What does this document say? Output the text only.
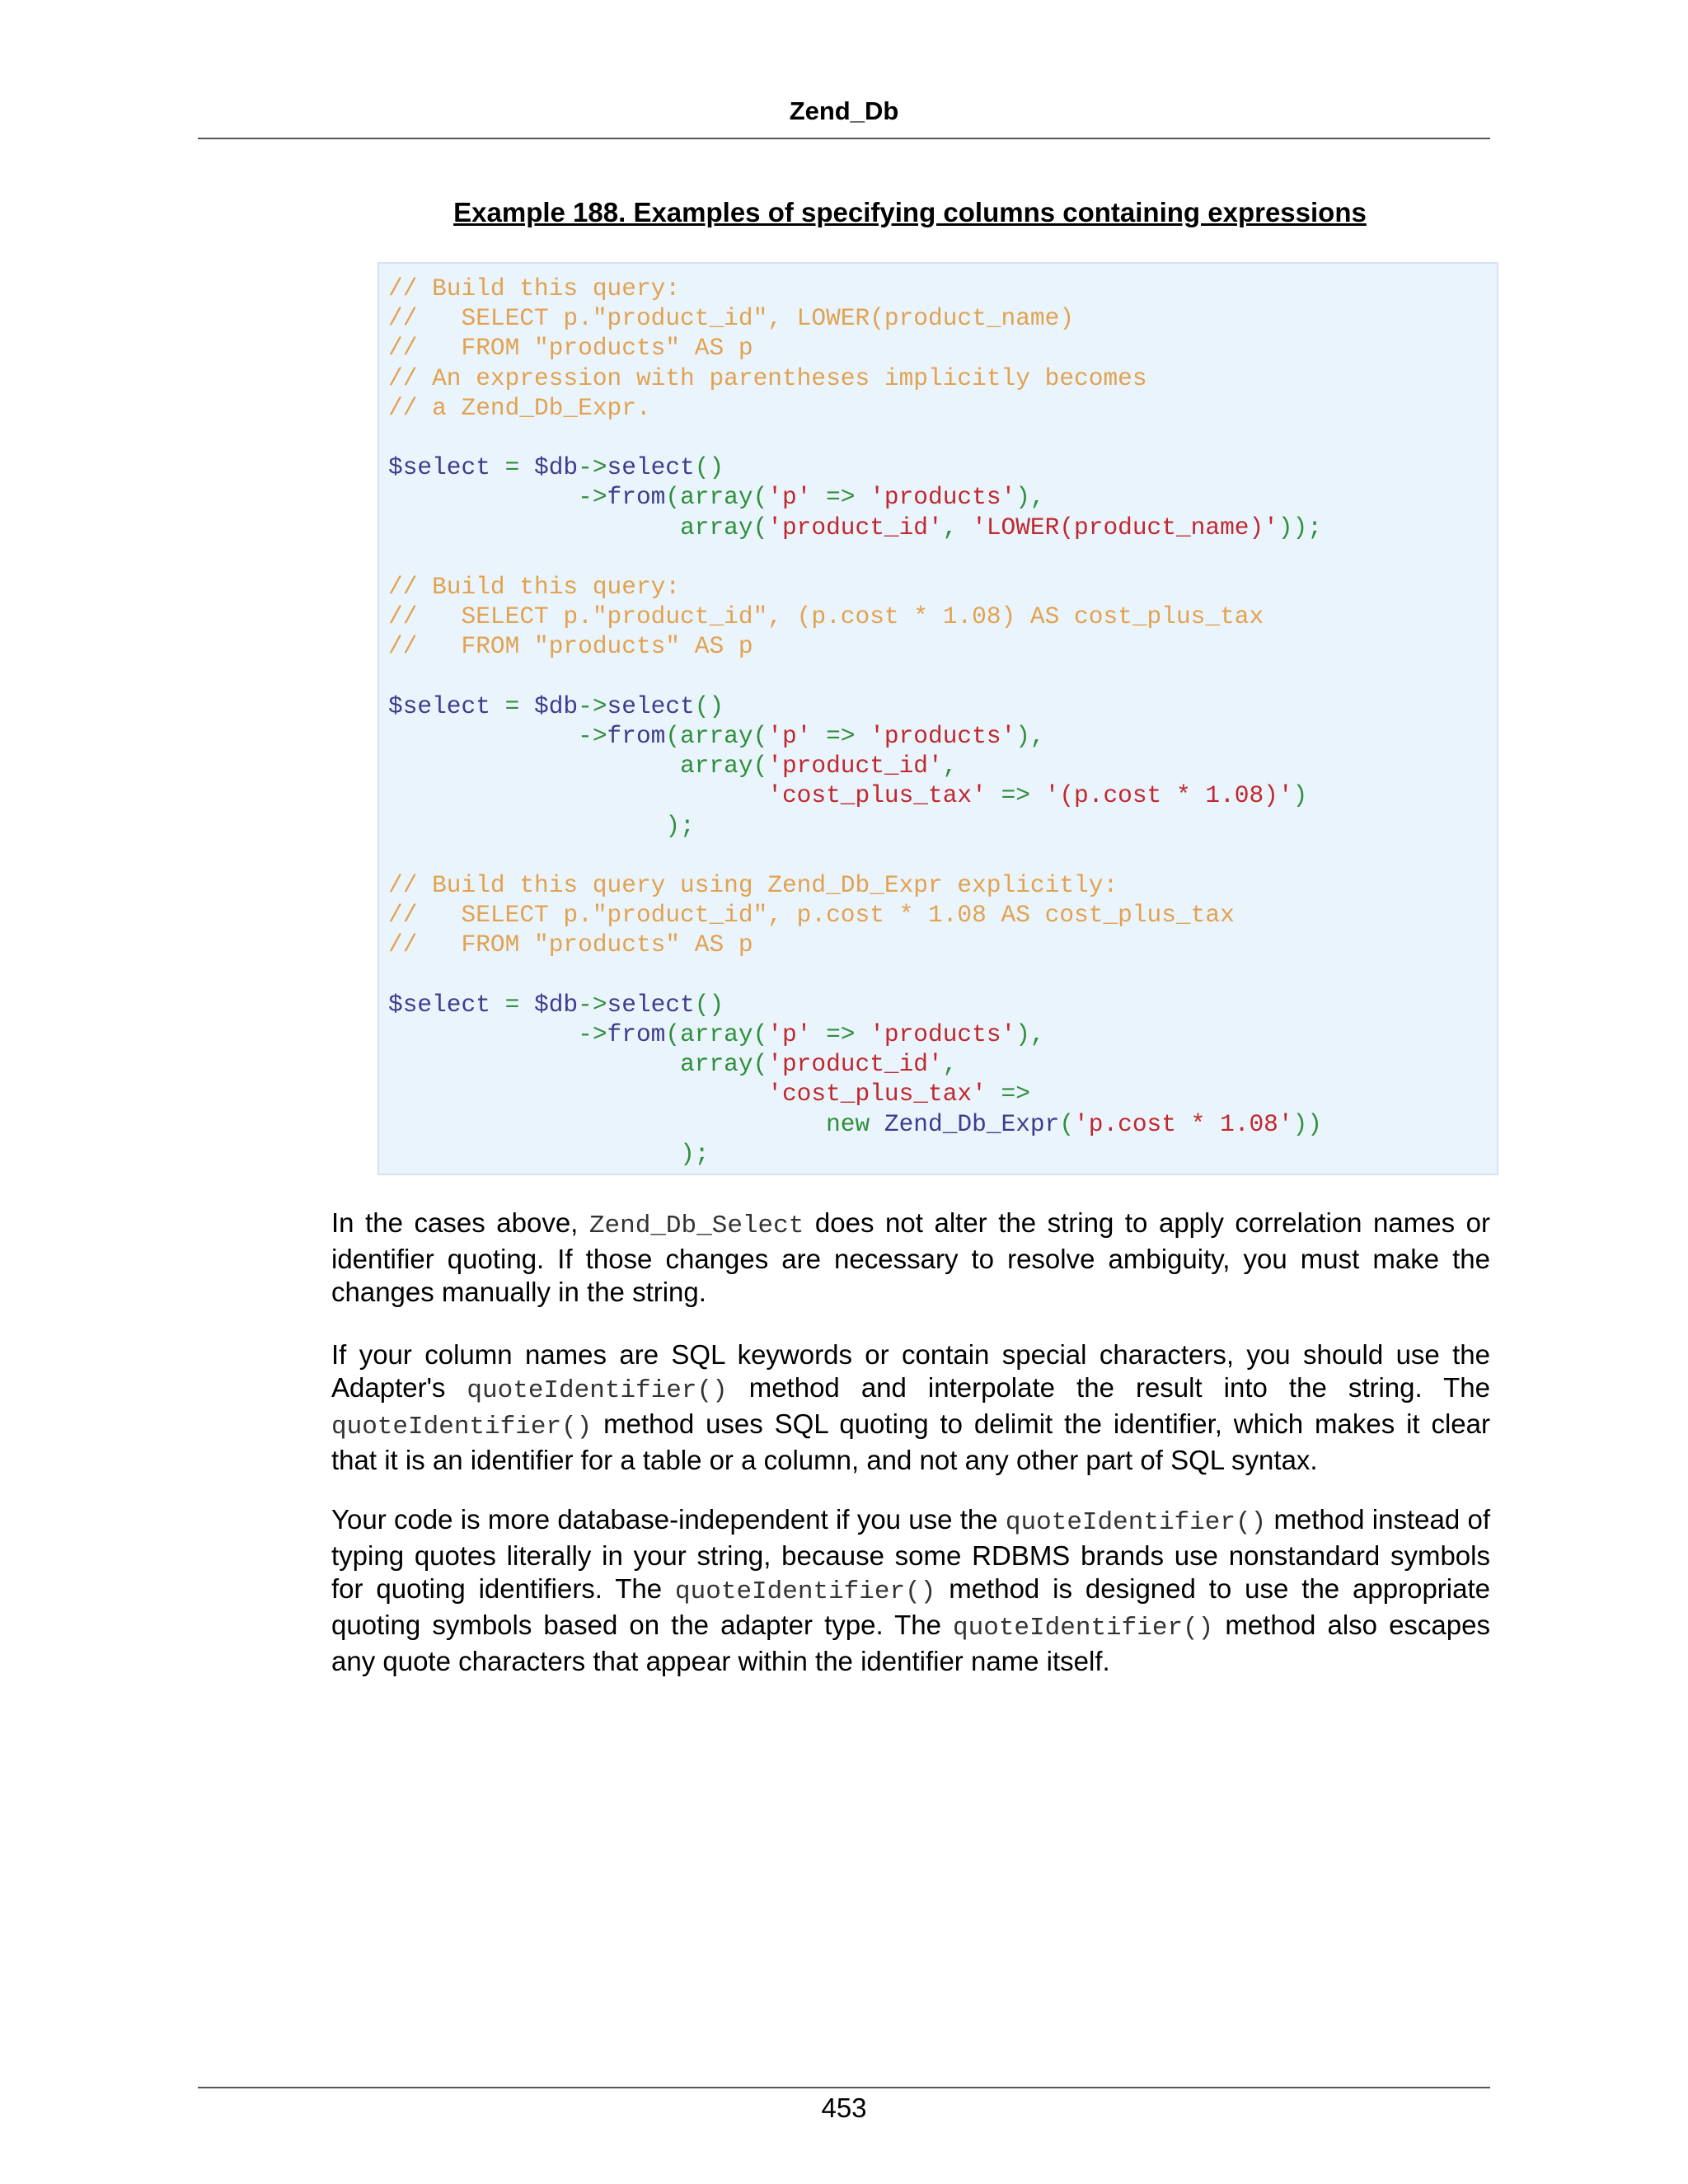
Zend_Db
Example 188. Examples of specifying columns containing expressions
// Build this query:
//   SELECT p."product_id", LOWER(product_name)
//   FROM "products" AS p
// An expression with parentheses implicitly becomes
// a Zend_Db_Expr.

$select = $db->select()
->from(array('p' => 'products'),
array('product_id', 'LOWER(product_name)'));

// Build this query:
//   SELECT p."product_id", (p.cost * 1.08) AS cost_plus_tax
//   FROM "products" AS p

$select = $db->select()
->from(array('p' => 'products'),
array('product_id',
'cost_plus_tax' => '(p.cost * 1.08)')
);

// Build this query using Zend_Db_Expr explicitly:
//   SELECT p."product_id", p.cost * 1.08 AS cost_plus_tax
//   FROM "products" AS p

$select = $db->select()
->from(array('p' => 'products'),
array('product_id',
'cost_plus_tax' =>
new Zend_Db_Expr('p.cost * 1.08'))
);

In the cases above, Zend_Db_Select does not alter the string to apply correlation names or identifier quoting. If those changes are necessary to resolve ambiguity, you must make the changes manually in the string.

If your column names are SQL keywords or contain special characters, you should use the Adapter's quoteIdentifier() method and interpolate the result into the string. The quoteIdentifier() method uses SQL quoting to delimit the identifier, which makes it clear that it is an identifier for a table or a column, and not any other part of SQL syntax.

Your code is more database-independent if you use the quoteIdentifier() method instead of typing quotes literally in your string, because some RDBMS brands use nonstandard symbols for quoting identifiers. The quoteIdentifier() method is designed to use the appropriate quoting symbols based on the adapter type. The quoteIdentifier() method also escapes any quote characters that appear within the identifier name itself.

453
